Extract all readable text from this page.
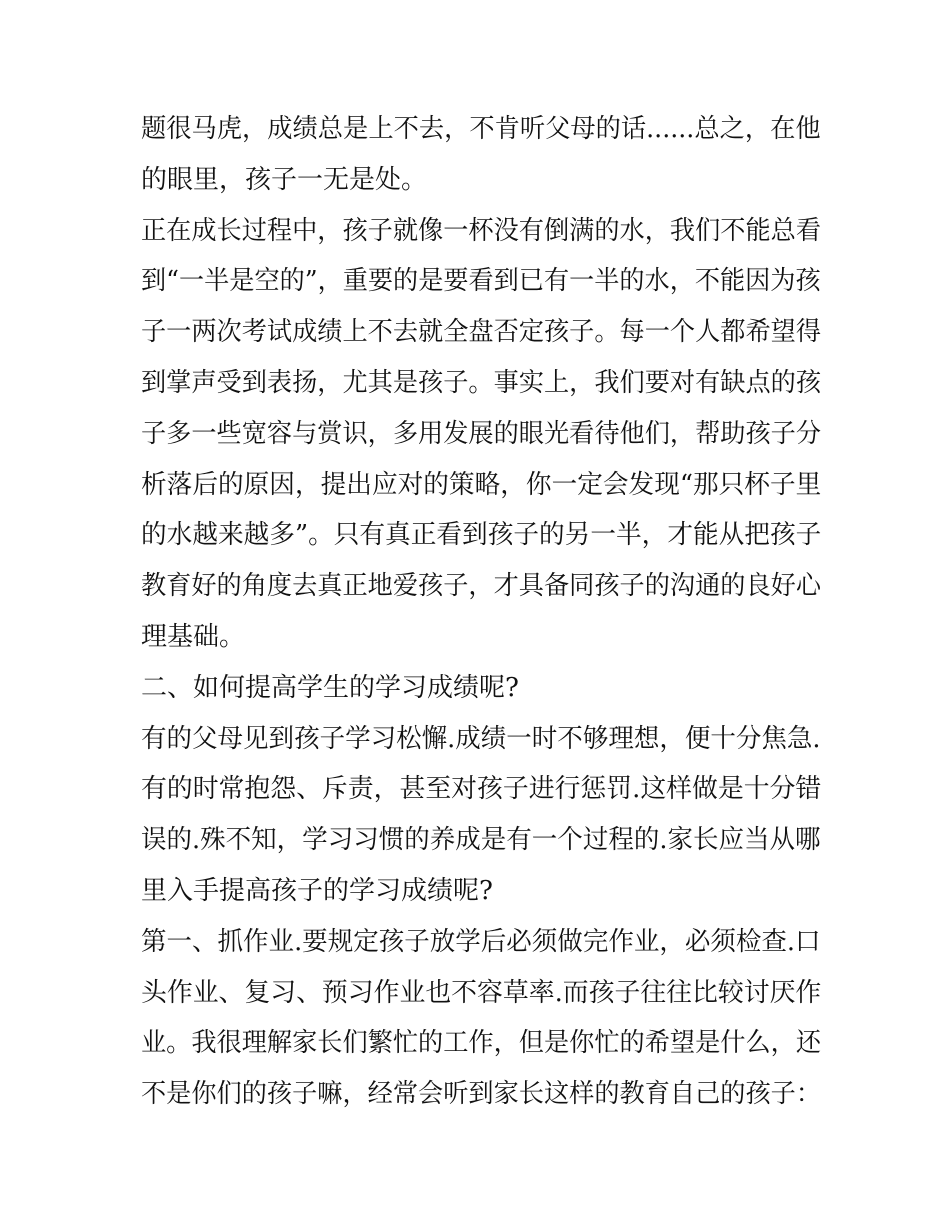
题很马虎，成绩总是上不去，不肯听父母的话......总之，在他
的眼里，孩子一无是处。
正在成长过程中，孩子就像一杯没有倒满的水，我们不能总看
到“一半是空的”，重要的是要看到已有一半的水，不能因为孩
子一两次考试成绩上不去就全盘否定孩子。每一个人都希望得
到掌声受到表扬，尤其是孩子。事实上，我们要对有缺点的孩
子多一些宽容与赏识，多用发展的眼光看待他们，帮助孩子分
析落后的原因，提出应对的策略，你一定会发现“那只杯子里
的水越来越多”。只有真正看到孩子的另一半，才能从把孩子
教育好的角度去真正地爱孩子，才具备同孩子的沟通的良好心
理基础。
二、如何提高学生的学习成绩呢?
有的父母见到孩子学习松懈.成绩一时不够理想，便十分焦急.
有的时常抱怨、斥责，甚至对孩子进行惩罚.这样做是十分错
误的.殊不知，学习习惯的养成是有一个过程的.家长应当从哪
里入手提高孩子的学习成绩呢?
第一、抓作业.要规定孩子放学后必须做完作业，必须检查.口
头作业、复习、预习作业也不容草率.而孩子往往比较讨厌作
业。我很理解家长们繁忙的工作，但是你忙的希望是什么，还
不是你们的孩子嘛，经常会听到家长这样的教育自己的孩子：
